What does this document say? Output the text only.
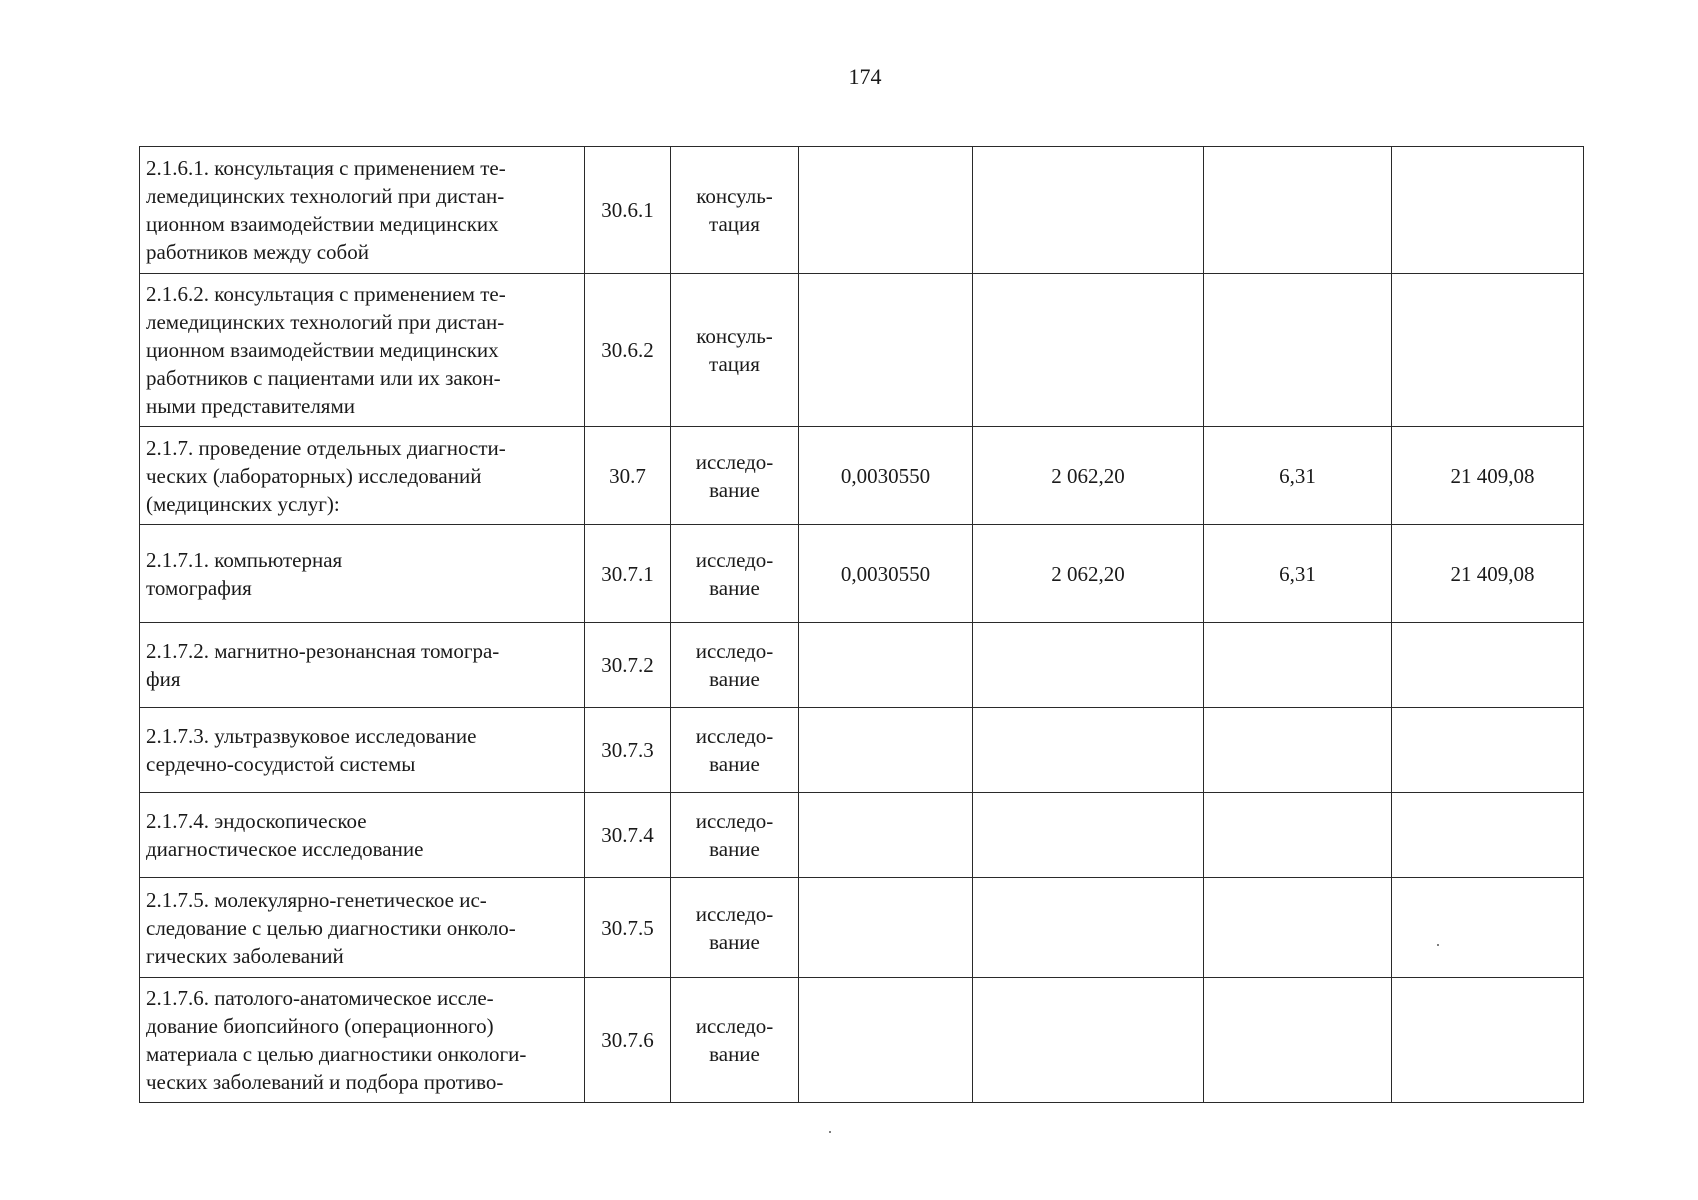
174
2.1.6.1. консультация с применением те-
лемедицинских технологий при дистан-
ционном взаимодействии медицинских
работников между собой	30.6.1	консуль-
тация				

2.1.6.2. консультация с применением те-
лемедицинских технологий при дистан-
ционном взаимодействии медицинских
работников с пациентами или их закон-
ными представителями	30.6.2	консуль-
тация				

2.1.7. проведение отдельных диагности-
ческих (лабораторных) исследований
(медицинских услуг):	30.7	исследо-
вание	0,0030550	2 062,20	6,31	21 409,08

2.1.7.1. компьютерная
томография	30.7.1	исследо-
вание	0,0030550	2 062,20	6,31	21 409,08

2.1.7.2. магнитно-резонансная томогра-
фия	30.7.2	исследо-
вание				

2.1.7.3. ультразвуковое исследование
сердечно-сосудистой системы	30.7.3	исследо-
вание				

2.1.7.4. эндоскопическое
диагностическое исследование	30.7.4	исследо-
вание				

2.1.7.5. молекулярно-генетическое ис-
следование с целью диагностики онколо-
гических заболеваний	30.7.5	исследо-
вание				

2.1.7.6. патолого-анатомическое иссле-
дование биопсийного (операционного)
материала с целью диагностики онкологи-
ческих заболеваний и подбора противо-	30.7.6	исследо-
вание				
